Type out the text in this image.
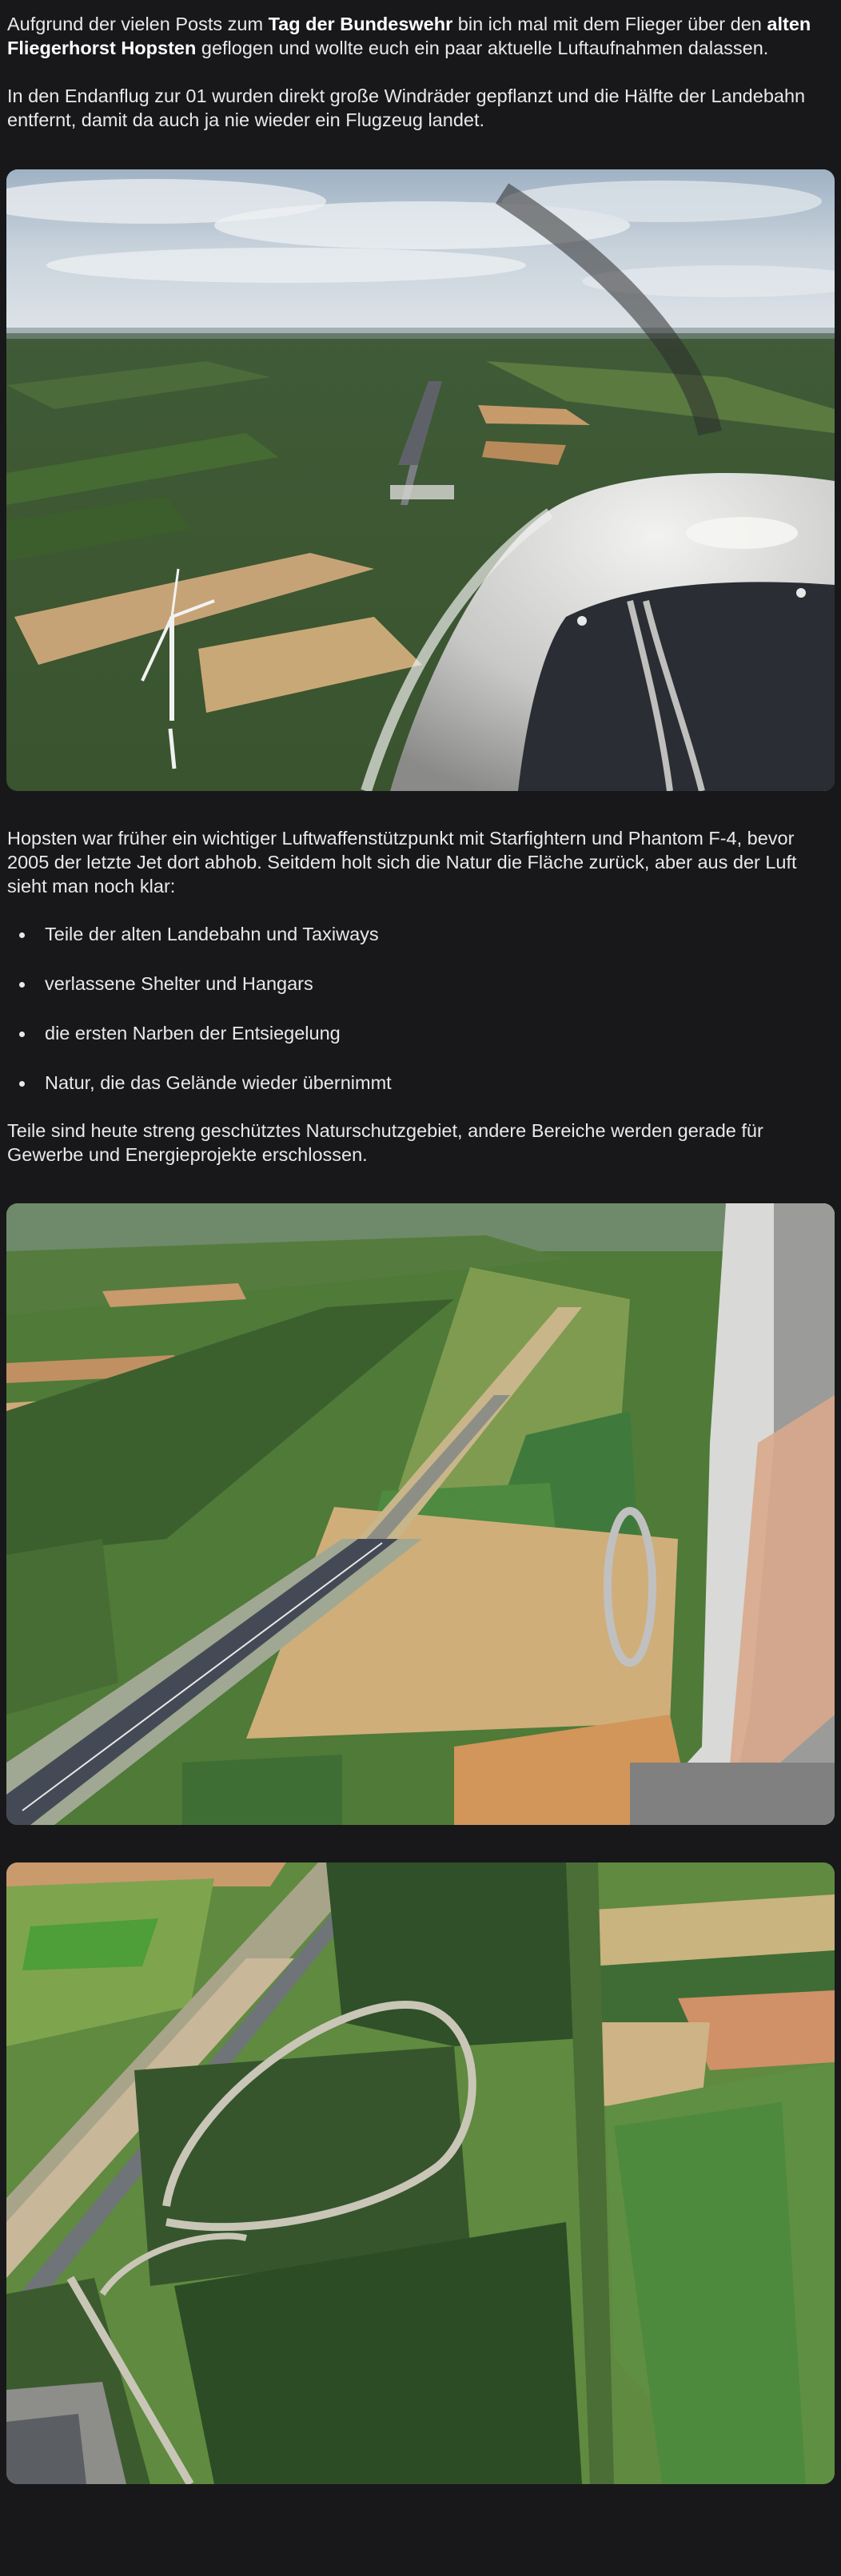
Aufgrund der vielen Posts zum Tag der Bundeswehr bin ich mal mit dem Flieger über den alten Fliegerhorst Hopsten geflogen und wollte euch ein paar aktuelle Luftaufnahmen dalassen.

In den Endanflug zur 01 wurden direkt große Windräder gepflanzt und die Hälfte der Landebahn entfernt, damit da auch ja nie wieder ein Flugzeug landet.

Hopsten war früher ein wichtiger Luftwaffenstützpunkt mit Starfightern und Phantom F-4, bevor 2005 der letzte Jet dort abhob. Seitdem holt sich die Natur die Fläche zurück, aber aus der Luft sieht man noch klar:

Teile der alten Landebahn und Taxiways
verlassene Shelter und Hangars
die ersten Narben der Entsiegelung
Natur, die das Gelände wieder übernimmt

Teile sind heute streng geschütztes Naturschutzgebiet, andere Bereiche werden gerade für Gewerbe und Energieprojekte erschlossen.
